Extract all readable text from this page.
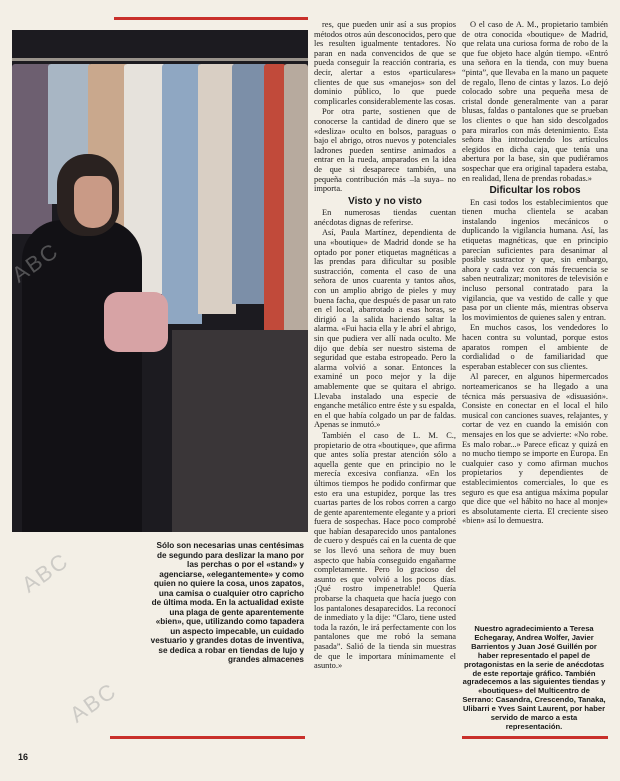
Sólo son necesarias unas centésimas de segundo para deslizar la mano por las perchas o por el «stand» y agenciarse, «elegantemente» y como quien no quiere la cosa, unos zapatos, una camisa o cualquier otro capricho de última moda. En la actualidad existe una plaga de gente aparentemente «bien», que, utilizando como tapadera un aspecto impecable, un cuidado vestuario y grandes dotas de inventiva, se dedica a robar en tiendas de lujo y grandes almacenes

res, que pueden unir así a sus propios métodos otros aún desconocidos, pero que les resulten igualmente tentadores. No paran en nada convencidos de que se pueda conseguir la reacción contraria, es decir, alertar a estos «particulares» clientes de que sus «manejos» son del dominio público, lo que puede complicarles considerablemente las cosas.

Por otra parte, sostienen que de conocerse la cantidad de dinero que se «desliza» oculto en bolsos, paraguas o bajo el abrigo, otros nuevos y potenciales ladrones pueden sentirse animados a entrar en la rueda, amparados en la idea de que si desaparece también, una pequeña contribución más –la suya– no importa.

Visto y no visto

En numerosas tiendas cuentan anécdotas dignas de referirse.

Así, Paula Martínez, dependienta de una «boutique» de Madrid donde se ha optado por poner etiquetas magnéticas a las prendas para dificultar su posible sustracción, comenta el caso de una señora de unos cuarenta y tantos años, con un amplio abrigo de pieles y muy buena facha, que después de pasar un rato en el local, abarrotado a esas horas, se dirigió a la salida haciendo saltar la alarma. «Fui hacia ella y le abrí el abrigo, sin que pudiera ver allí nada oculto. Me dijo que debía ser nuestro sistema de seguridad que estaba estropeado. Pero la alarma volvió a sonar. Entonces la examiné un poco mejor y la dije amablemente que se quitara el abrigo. Llevaba instalado una especie de enganche metálico entre éste y su espalda, en el que había colgado un par de faldas. Apenas se inmutó.»

También el caso de L. M. C., propietario de otra «boutique», que afirma que antes solía prestar atención sólo a aquella gente que en principio no le merecía excesiva confianza. «En los últimos tiempos he podido confirmar que esto era una estupidez, porque las tres cuartas partes de los robos corren a cargo de gente aparentemente elegante y a priori fuera de sospechas. Hace poco comprobé que habían desaparecido unos pantalones de cuero y después caí en la cuenta de que se los llevó una señora de muy buen aspecto que había conseguido engañarme completamente. Pero lo gracioso del asunto es que volvió a los pocos días. ¡Qué rostro impenetrable! Quería probarse la chaqueta que hacía juego con los pantalones desaparecidos. La reconocí de inmediato y la dije: “Claro, tiene usted toda la razón, le irá perfectamente con los pantalones que me robó la semana pasada”. Salió de la tienda sin muestras de que le importara mínimamente el asunto.»

O el caso de A. M., propietario también de otra conocida «boutique» de Madrid, que relata una curiosa forma de robo de la que fue objeto hace algún tiempo. «Entró una señora en la tienda, con muy buena “pinta”, que llevaba en la mano un paquete de regalo, lleno de cintas y lazos. Lo dejó colocado sobre una pequeña mesa de cristal donde generalmente van a parar blusas, faldas o pantalones que se prueban los clientes o que han sido descolgados para mirarlos con más detenimiento. Esta señora iba introduciendo los artículos elegidos en dicha caja, que tenía una abertura por la base, sin que pudiéramos sospechar que era original tapadera estaba, en realidad, llena de prendas robadas.»

Dificultar los robos

En casi todos los establecimientos que tienen mucha clientela se acaban instalando ingenios mecánicos o duplicando la vigilancia humana. Así, las etiquetas magnéticas, que en principio parecían suficientes para desanimar al posible sustractor y que, sin embargo, ahora y cada vez con más frecuencia se saben neutralizar; monitores de televisión e incluso personal contratado para la vigilancia, que va vestido de calle y que pasa por un cliente más, mientras observa los movimientos de quienes salen y entran.

En muchos casos, los vendedores lo hacen contra su voluntad, porque estos aparatos rompen el ambiente de cordialidad o de familiaridad que esperaban establecer con sus clientes.

Al parecer, en algunos hipermercados norteamericanos se ha llegado a una técnica más persuasiva de «disuasión». Consiste en conectar en el local el hilo musical con canciones suaves, relajantes, y cortar de vez en cuando la emisión con mensajes en los que se advierte: «No robe. Es malo robar...» Parece eficaz y quizá en no mucho tiempo se importe en Europa. En cualquier caso y como afirman muchos propietarios y dependientes de establecimientos comerciales, lo que es seguro es que esa antigua máxima popular que dice que «el hábito no hace al monje» es absolutamente cierta. El creciente siseo «bien» así lo demuestra.

Nuestro agradecimiento a Teresa Echegaray, Andrea Wolfer, Javier Barrientos y Juan José Guillén por haber representado el papel de protagonistas en la serie de anécdotas de este reportaje gráfico. También agradecemos a las siguientes tiendas y «boutiques» del Multicentro de Serrano: Casandra, Crescendo, Tanaka, Ulibarri e Yves Saint Laurent, por haber servido de marco a esta representación.
16
ABC
ABC
ABC
